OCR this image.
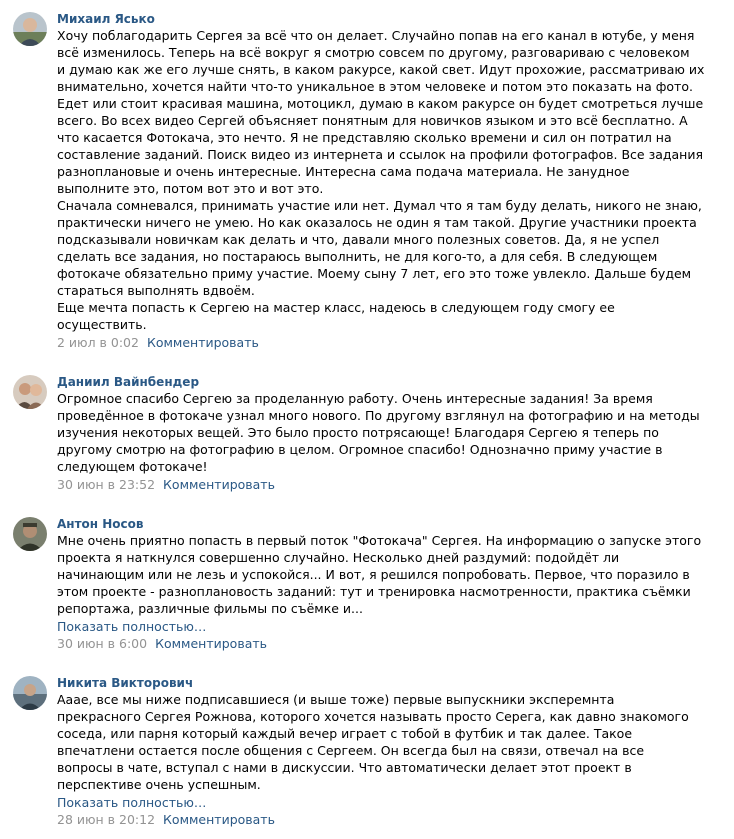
Михаил Ясько
Хочу поблагодарить Сергея за всё что он делает. Случайно попав на его канал в ютубе, у меня
всё изменилось. Теперь на всё вокруг я смотрю совсем по другому, разговариваю с человеком
и думаю как же его лучше снять, в каком ракурсе, какой свет. Идут прохожие, рассматриваю их
внимательно, хочется найти что-то уникальное в этом человеке и потом это показать на фото.
Едет или стоит красивая машина, мотоцикл, думаю в каком ракурсе он будет смотреться лучше
всего. Во всех видео Сергей объясняет понятным для новичков языком и это всё бесплатно. А
что касается Фотокача, это нечто. Я не представляю сколько времени и сил он потратил на
составление заданий. Поиск видео из интернета и ссылок на профили фотографов. Все задания
разноплановые и очень интересные. Интересна сама подача материала. Не занудное
выполните это, потом вот это и вот это.
Сначала сомневался, принимать участие или нет. Думал что я там буду делать, никого не знаю,
практически ничего не умею. Но как оказалось не один я там такой. Другие участники проекта
подсказывали новичкам как делать и что, давали много полезных советов. Да, я не успел
сделать все задания, но постараюсь выполнить, не для кого-то, а для себя. В следующем
фотокаче обязательно приму участие. Моему сыну 7 лет, его это тоже увлекло. Дальше будем
стараться выполнять вдвоём.
Еще мечта попасть к Сергею на мастер класс, надеюсь в следующем году смогу ее
осуществить.
2 июл в 0:02 Комментировать
Даниил Вайнбендер
Огромное спасибо Сергею за проделанную работу. Очень интересные задания! За время
проведённое в фотокаче узнал много нового. По другому взглянул на фотографию и на методы
изучения некоторых вещей. Это было просто потрясающе! Благодаря Сергею я теперь по
другому смотрю на фотографию в целом. Огромное спасибо! Однозначно приму участие в
следующем фотокаче!
30 июн в 23:52 Комментировать
Антон Носов
Мне очень приятно попасть в первый поток "Фотокача" Сергея. На информацию о запуске этого
проекта я наткнулся совершенно случайно. Несколько дней раздумий: подойдёт ли
начинающим или не лезь и успокойся... И вот, я решился попробовать. Первое, что поразило в
этом проекте - разноплановость заданий: тут и тренировка насмотренности, практика съёмки
репортажа, различные фильмы по съёмке и...
Показать полностью…
30 июн в 6:00 Комментировать
Никита Викторович
Аааe, все мы ниже подписавшиеся (и выше тоже) первые выпускники эксперемнта
прекрасного Сергея Рожнова, которого хочется называть просто Серега, как давно знакомого
соседа, или парня который каждый вечер играет с тобой в футбик и так далее. Такое
впечатлени остается после общения с Сергеем. Он всегда был на связи, отвечал на все
вопросы в чате, вступал с нами в дискуссии. Что автоматически делает этот проект в
перспективе очень успешным.
Показать полностью…
28 июн в 20:12 Комментировать
